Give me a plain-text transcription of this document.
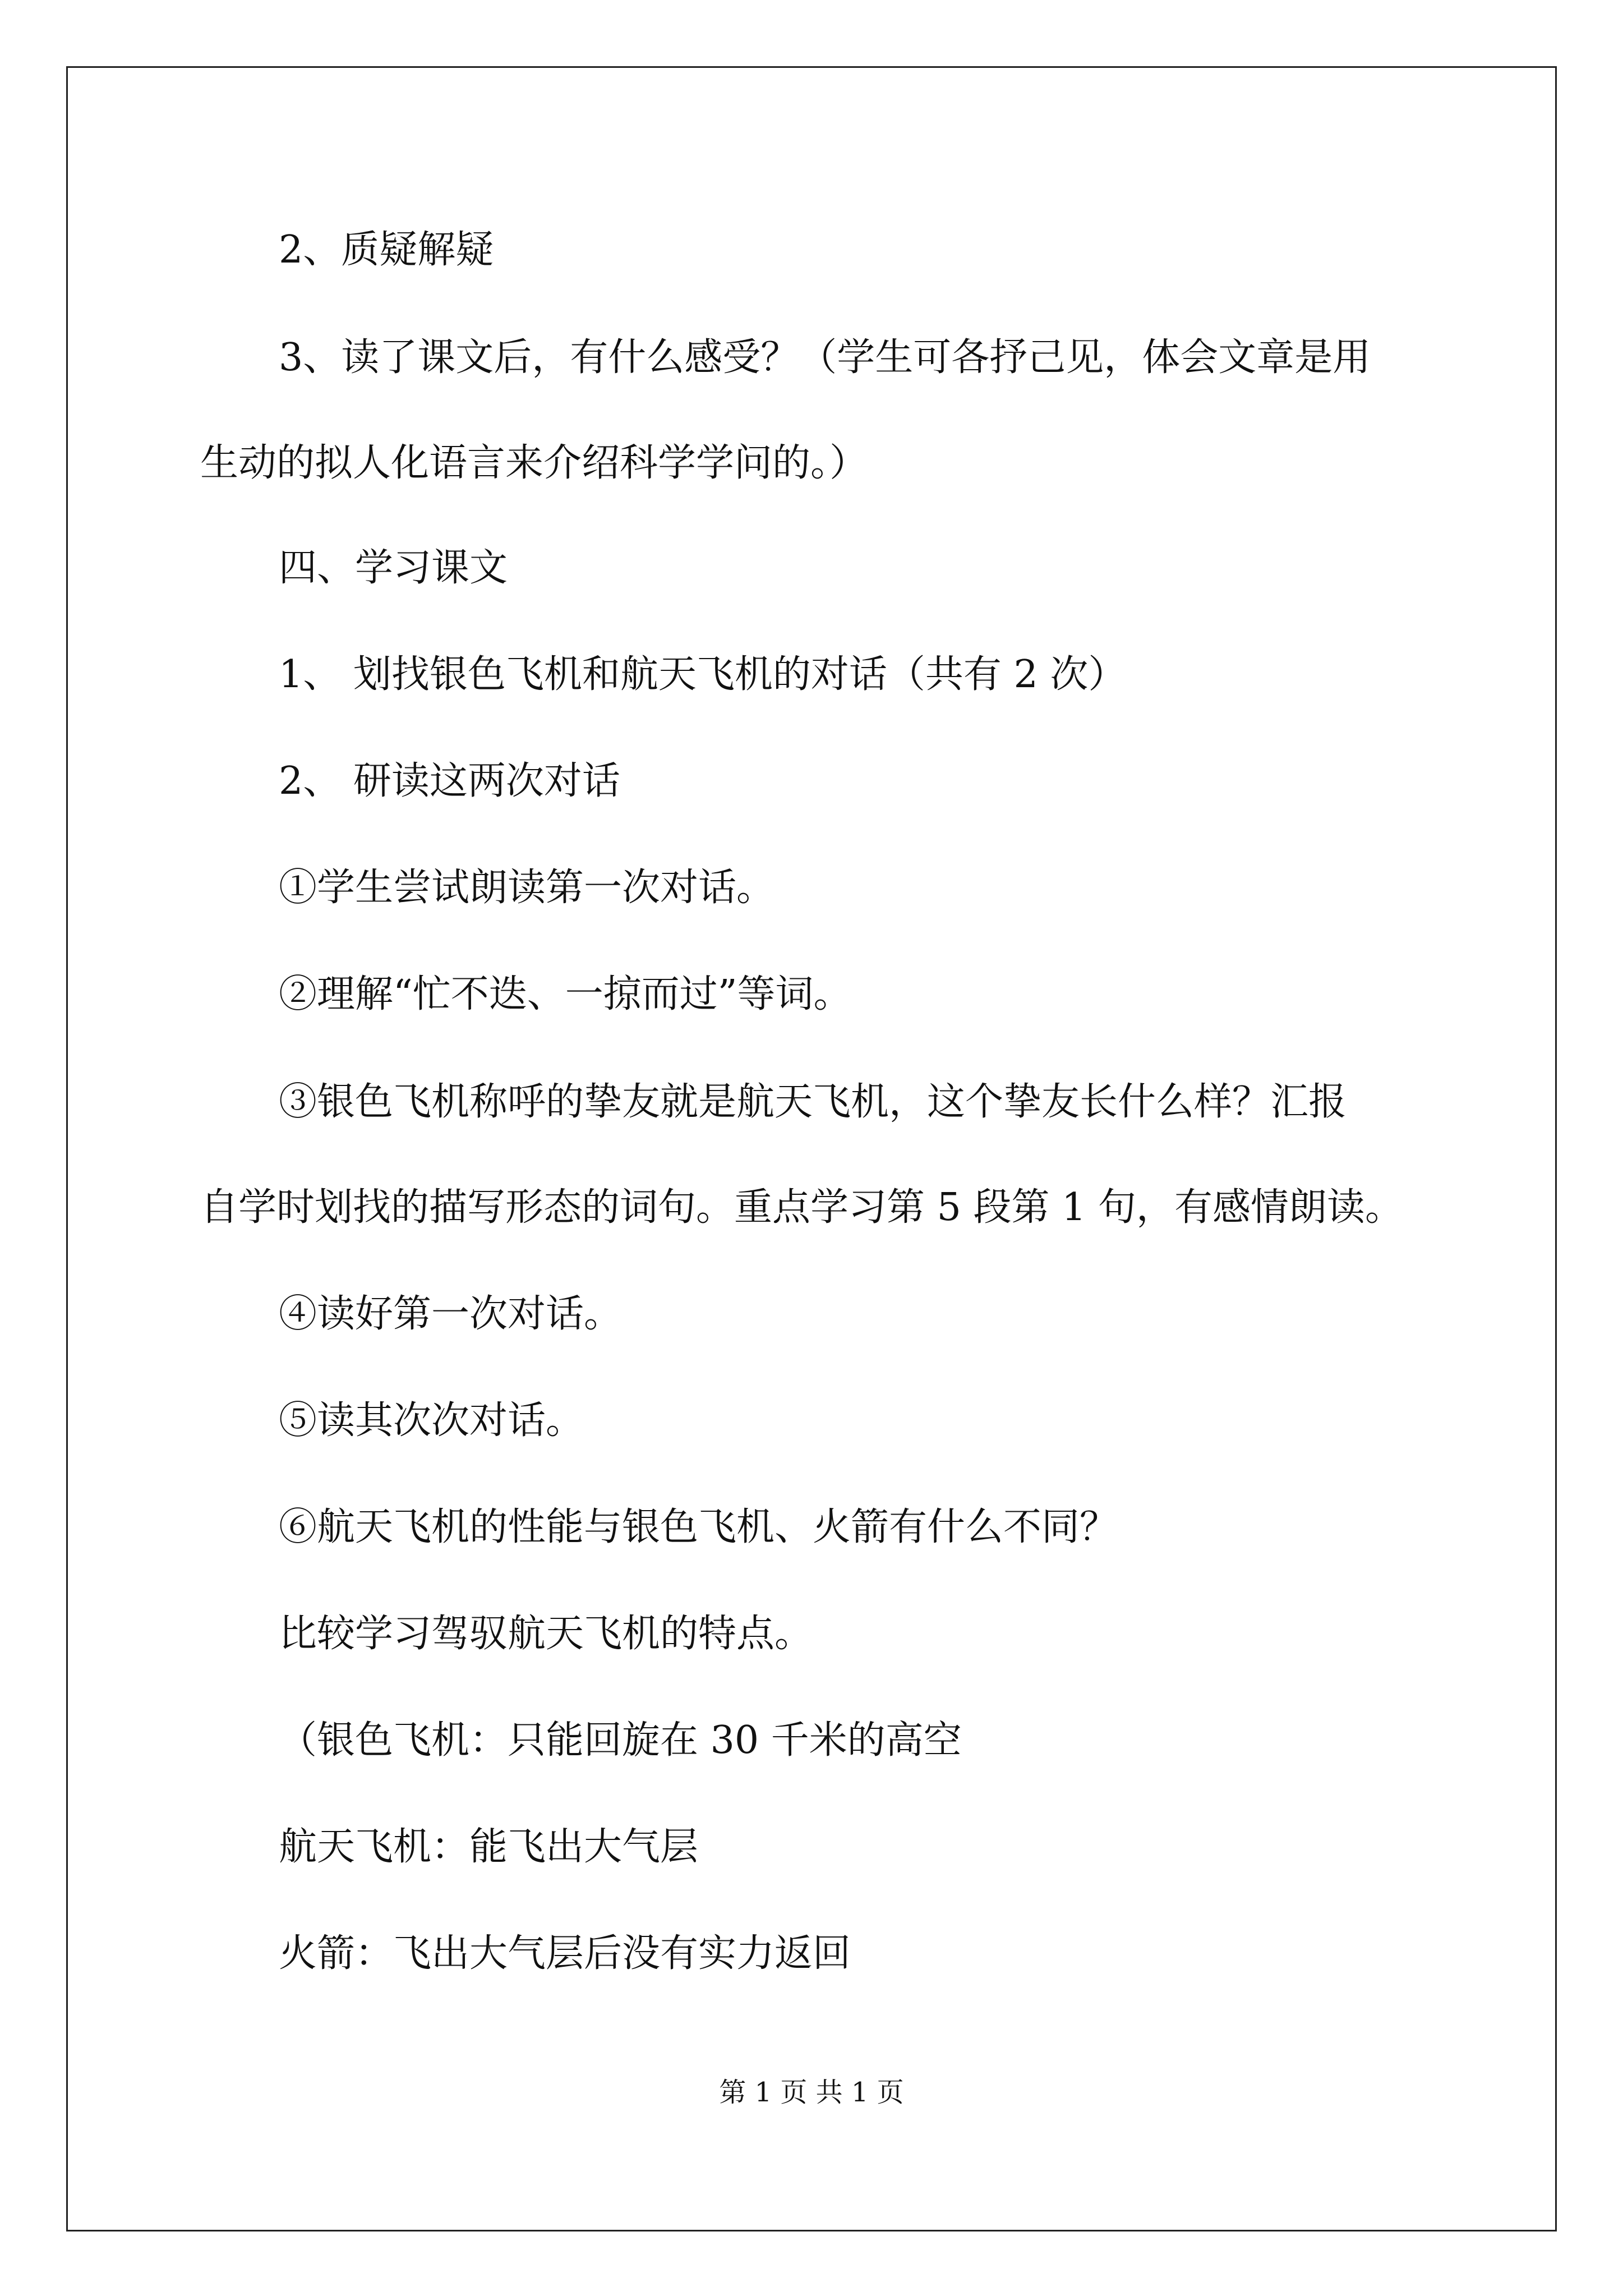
2、质疑解疑

3、读了课文后，有什么感受？（学生可各抒己见，体会文章是用

生动的拟人化语言来介绍科学学问的。）

四、学习课文

1、 划找银色飞机和航天飞机的对话（共有 2 次）

2、 研读这两次对话

①学生尝试朗读第一次对话。

②理解“忙不迭、一掠而过”等词。

③银色飞机称呼的挚友就是航天飞机，这个挚友长什么样？汇报

自学时划找的描写形态的词句。重点学习第 5 段第 1 句，有感情朗读。

④读好第一次对话。

⑤读其次次对话。

⑥航天飞机的性能与银色飞机、火箭有什么不同？

比较学习驾驭航天飞机的特点。

（银色飞机：只能回旋在 30 千米的高空

航天飞机：能飞出大气层

火箭：飞出大气层后没有实力返回

第 1 页 共 1 页
